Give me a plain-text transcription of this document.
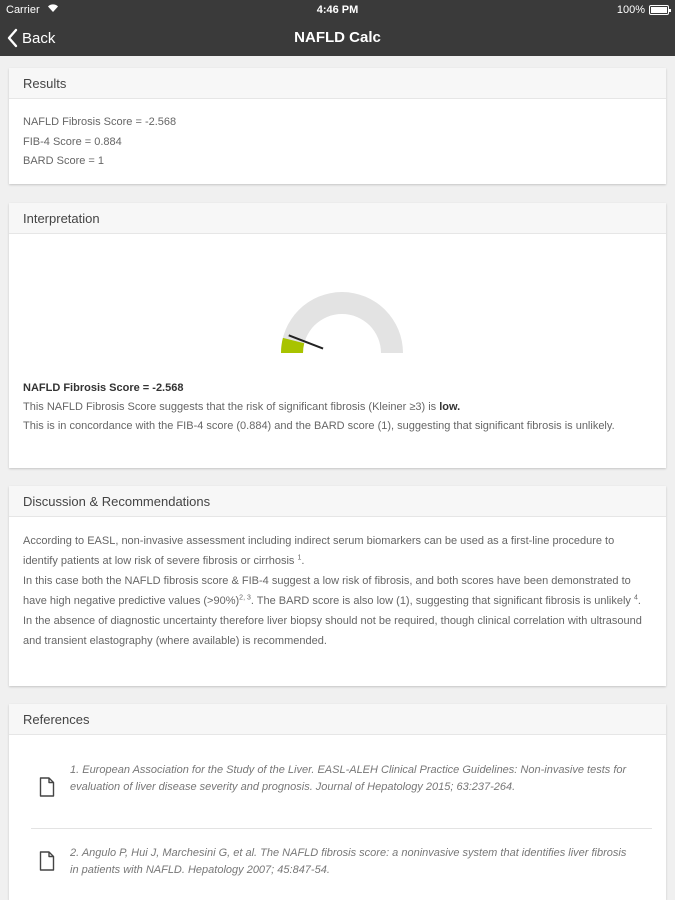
Carrier	4:46 PM	100%
Back	NAFLD Calc
Results
NAFLD Fibrosis Score = -2.568
FIB-4 Score = 0.884
BARD Score = 1
Interpretation
NAFLD Fibrosis Score = -2.568
This NAFLD Fibrosis Score suggests that the risk of significant fibrosis (Kleiner ≥3) is low.
This is in concordance with the FIB-4 score (0.884) and the BARD score (1), suggesting that significant fibrosis is unlikely.
Discussion & Recommendations
According to EASL, non-invasive assessment including indirect serum biomarkers can be used as a first-line procedure to identify patients at low risk of severe fibrosis or cirrhosis $^1$.
In this case both the NAFLD fibrosis score & FIB-4 suggest a low risk of fibrosis, and both scores have been demonstrated to have high negative predictive values (>90%)$^{2, 3}$. The BARD score is also low (1), suggesting that significant fibrosis is unlikely $^4$.
In the absence of diagnostic uncertainty therefore liver biopsy should not be required, though clinical correlation with ultrasound and transient elastography (where available) is recommended.
References
1. European Association for the Study of the Liver. EASL-ALEH Clinical Practice Guidelines: Non-invasive tests for evaluation of liver disease severity and prognosis. Journal of Hepatology 2015; 63:237-264.
2. Angulo P, Hui J, Marchesini G, et al. The NAFLD fibrosis score: a noninvasive system that identifies liver fibrosis in patients with NAFLD. Hepatology 2007; 45:847-54.
